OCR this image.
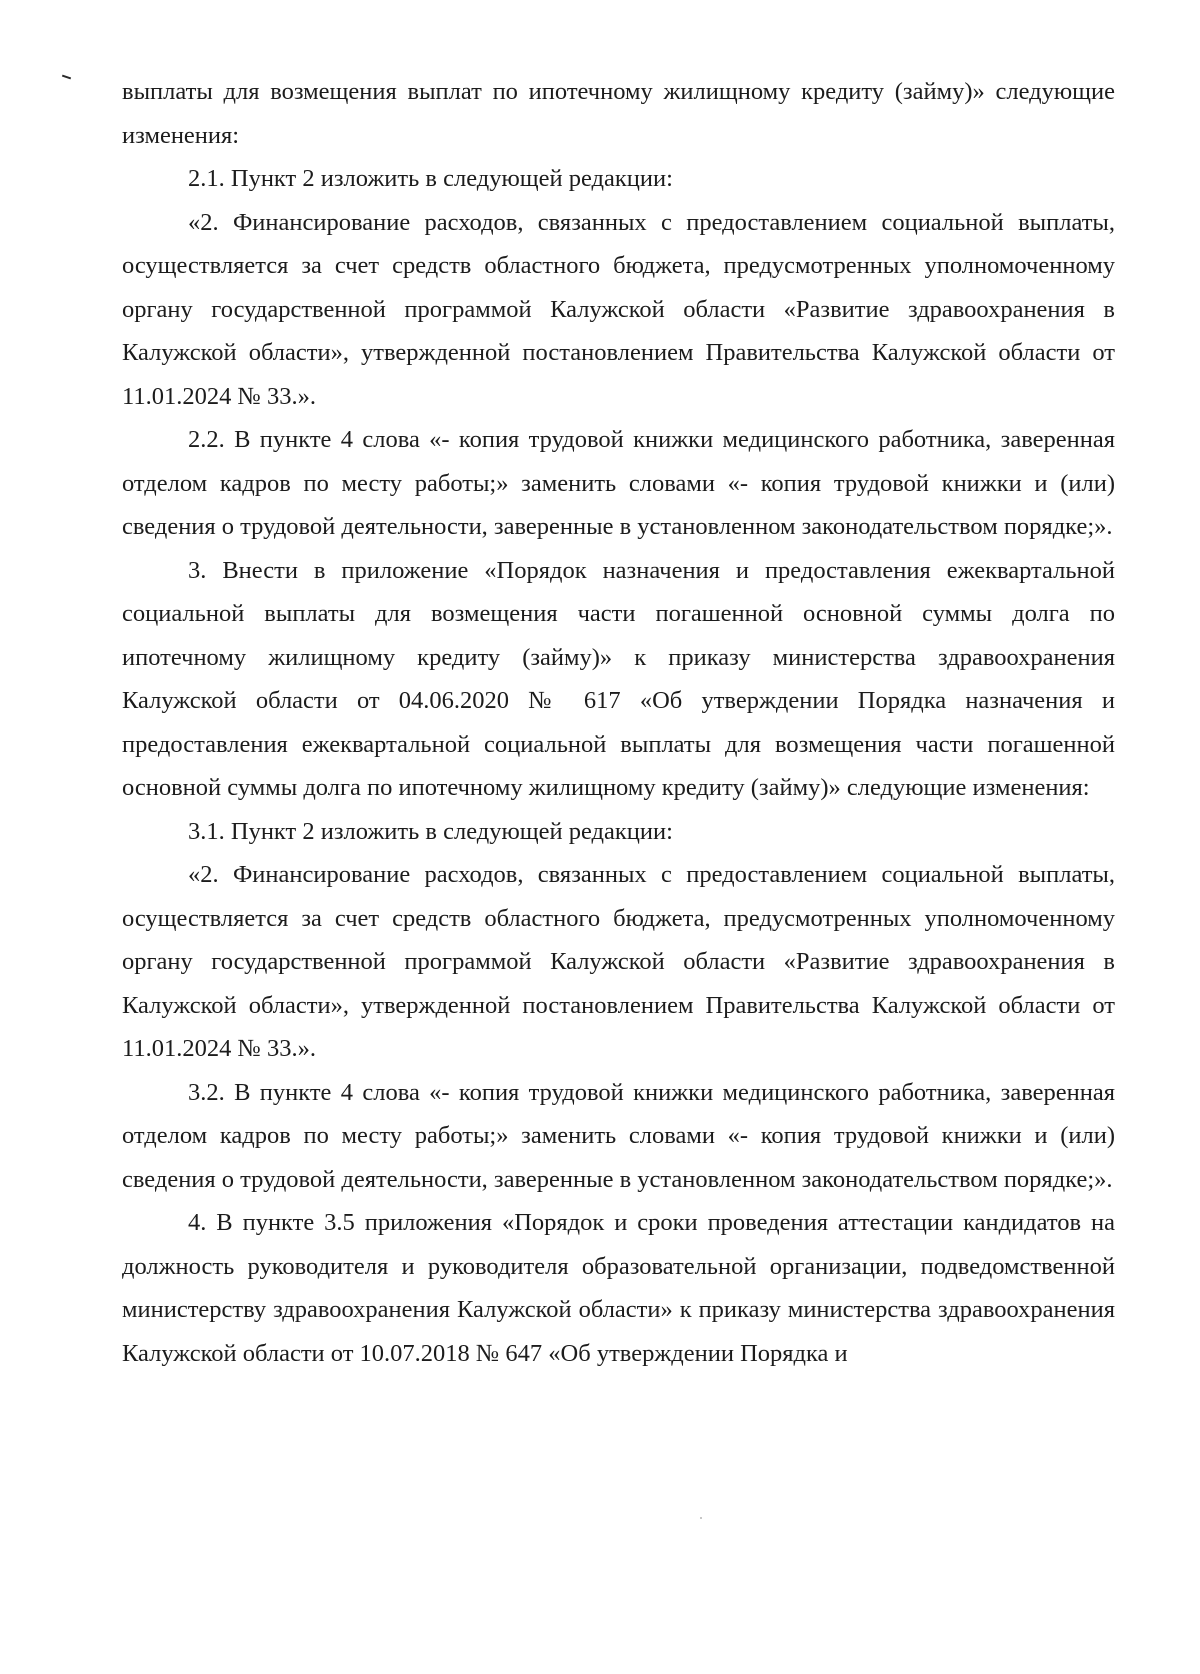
выплаты для возмещения выплат по ипотечному жилищному кредиту (займу)» следующие изменения:

2.1. Пункт 2 изложить в следующей редакции:

«2. Финансирование расходов, связанных с предоставлением социальной выплаты, осуществляется за счет средств областного бюджета, предусмотренных уполномоченному органу государственной программой Калужской области «Развитие здравоохранения в Калужской области», утвержденной постановлением Правительства Калужской области от 11.01.2024 № 33.».

2.2. В пункте 4 слова «- копия трудовой книжки медицинского работника, заверенная отделом кадров по месту работы;» заменить словами «- копия трудовой книжки и (или) сведения о трудовой деятельности, заверенные в установленном законодательством порядке;».

3. Внести в приложение «Порядок назначения и предоставления ежеквартальной социальной выплаты для возмещения части погашенной основной суммы долга по ипотечному жилищному кредиту (займу)» к приказу министерства здравоохранения Калужской области от 04.06.2020 № 617 «Об утверждении Порядка назначения и предоставления ежеквартальной социальной выплаты для возмещения части погашенной основной суммы долга по ипотечному жилищному кредиту (займу)» следующие изменения:

3.1. Пункт 2 изложить в следующей редакции:

«2. Финансирование расходов, связанных с предоставлением социальной выплаты, осуществляется за счет средств областного бюджета, предусмотренных уполномоченному органу государственной программой Калужской области «Развитие здравоохранения в Калужской области», утвержденной постановлением Правительства Калужской области от 11.01.2024 № 33.».

3.2. В пункте 4 слова «- копия трудовой книжки медицинского работника, заверенная отделом кадров по месту работы;» заменить словами «- копия трудовой книжки и (или) сведения о трудовой деятельности, заверенные в установленном законодательством порядке;».

4. В пункте 3.5 приложения «Порядок и сроки проведения аттестации кандидатов на должность руководителя и руководителя образовательной организации, подведомственной министерству здравоохранения Калужской области» к приказу министерства здравоохранения Калужской области от 10.07.2018 № 647 «Об утверждении Порядка и
